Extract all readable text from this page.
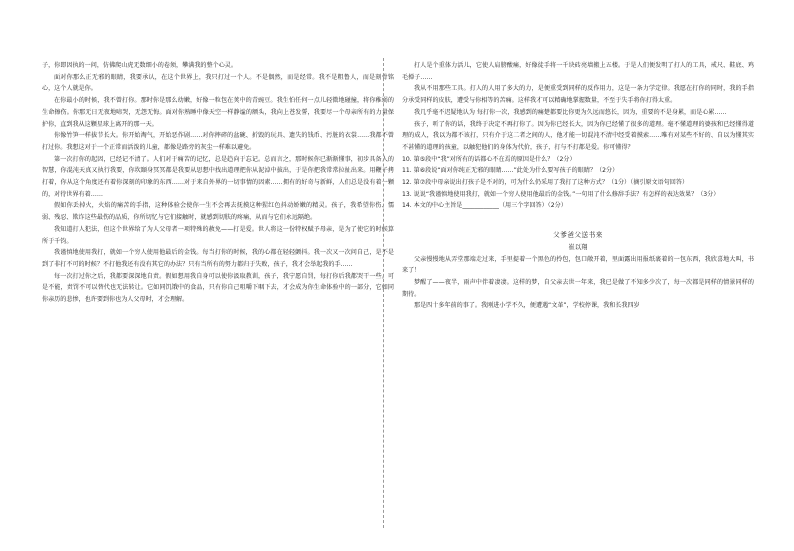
子，你即因执的一问，仿佛爬山虎无数细小的卷须，攀满我的整个心灵。

面对你那么正无邪的眼睛，我要承认，在这个世界上，我只打过一个人。不是偶然，而是经常。我不是粗鲁人，而是刻骨铭心，这个人就是你。

在你最小的时候，我不曾打你。那时你是那么幼嫩，好像一粒包在荚中的青豌豆。我生怕任何一点儿轻微地碰撞，将你稚弱的生命擦伤。你那无日无夜地啼哭，无怨无悔。面对你熟睡中像天空一样静谧的额头，我向上苍发誓，我要尽一个母亲所有的力量保护你，直到我从这颗星球上离开的那一天。

你像竹笋一样拔节长大。你开始淘气，开始恶作剧……对你摔碎的盆碗、折毁的玩具、遗失的钱币、污脏的衣裳……我都不曾打过你。我想这对于一个正常而活泼的儿童，都像是路旁的灰尘一样难以避免。

第一次打你的起因，已经记不清了。人们对于痛苦的记忆，总是趋向于忘记。总而言之，那时候你已渐渐懂事，初步具备人的智慧，你混沌天真又执行我要，你坎颐身冥冥都是我要从思想中找出道理把你从泥淖中拔出，于是你把我常常拉扯出来。用鞭子拷打着，你从这个角度还有着你深刻的印象的东西……对于来自外界的一切事情的因素……拥有的好奇与新鲜，人们总是没有着一颗的，对待世界有着……

假如你丢掉火，火焰的痛苦的手指，这种体验会使你一生不会再去抚摸这种猩红色抖动娇嫩的精灵。孩子，我希望你伤、懦弱、残忍、欺诈这些最伤的品质，你所切忆与它们接触时，就感到切肤的疼痛，从而与它们永远隔绝。

我知道打人犯法，但这个世界给了为人父母者一项特殊的赦免——打是爱。世人将这一份特权赋予母亲，是为了使它的时候算所于千钧。

我谨慎地使用我打，就如一个穷人使用他最后的金钱。每当打你的时候，我的心都在轻轻颤抖。我一次又一次问自己，是不是到了非打不可的时候？不打他我还有没有其它的办法？只有当所有的努力都归于失败，孩子，我才会举起我的手……

每一次打过你之后，我都要深深地自责。假如想用我自身可以使你汲取教训，孩子，我宁愿自罚，每打你后我都哭干一些。可是不能，责罚不可以替代也无法转让。它如同饥饿中的食品，只有你自己咀嚼下咽下去，才会成为你生命体验中的一部分，它如同你亲历的悲惨，也许要到你也为人父母时，才会理解。

打人是个重体力活儿，它使人肩膀酸痛，好像徒手将一千块砖亮墙搬上五楼。于是人们便发明了打人的工具，戒尺、鞋底、鸡毛掸子……

我从不用那些工具。打人的人用了多大的力，是便重受到同样的反作用力，这是一条力学定律。我愿在打你的同时，我的手指分承受同样的皮肤，遭受与你相等的苦痛。这样我才可以精确地掌握数量，不至于失手将你打得太重。

我几乎毫不迟疑地认为 每打你一次，我感到的痛楚都要比你更为久远而悠长，因为，重要的不是身累，而是心累……

孩子，听了你的话，我终于决定不再打你了。因为你已经长大，因为你已经懂了很多的道理。毫不懂道理的婆孩和已经懂得道理的成人，我以为都不该打，只有介于这二者之间的人，他才能一切混沌不清中经受着摸索……唯有对某些不好的、自以为懂其实不甚懂的道理的孩童，以触犯他们的身体为代价，孩子，打与不打都是爱。你可懂得？

10. 第⑤段中“我”对所有的话都心不在焉的原因是什么？（2分）

11. 第⑥段说“面对你纯正无邪的眼睛……”此处为什么要写孩子的眼睛？（2分）

12. 第⑦段中母亲说出打孩子是不对的，可为什么仍采用了我打了这种方式？（1分）（摘引原文语句回答）

13. 说说“我谨慎地使用我打，就如一个穷人使用他最后的金钱。”一句用了什么修辞手法？有怎样的表达效果？（3分）

14. 本文的中心主旨是____________（用三个字回答）（2分）

父爹爸父送书来

崔以翔

父亲慢慢地从弄堂那端走过来，手里提着一个黑色的拎包，包口敞开着，里面露出用报纸裹着的一包东西，我欣喜地大叫，书来了！

梦醒了——夜半，雨声中伴着凄凄。这样的梦，自父亲去世一年来，我已是做了不知多少次了，每一次都是同样的情景同样的期待。

那是四十多年前的事了。我刚进小学不久，便遭遇“文革”，学校停课，我和长我四岁
